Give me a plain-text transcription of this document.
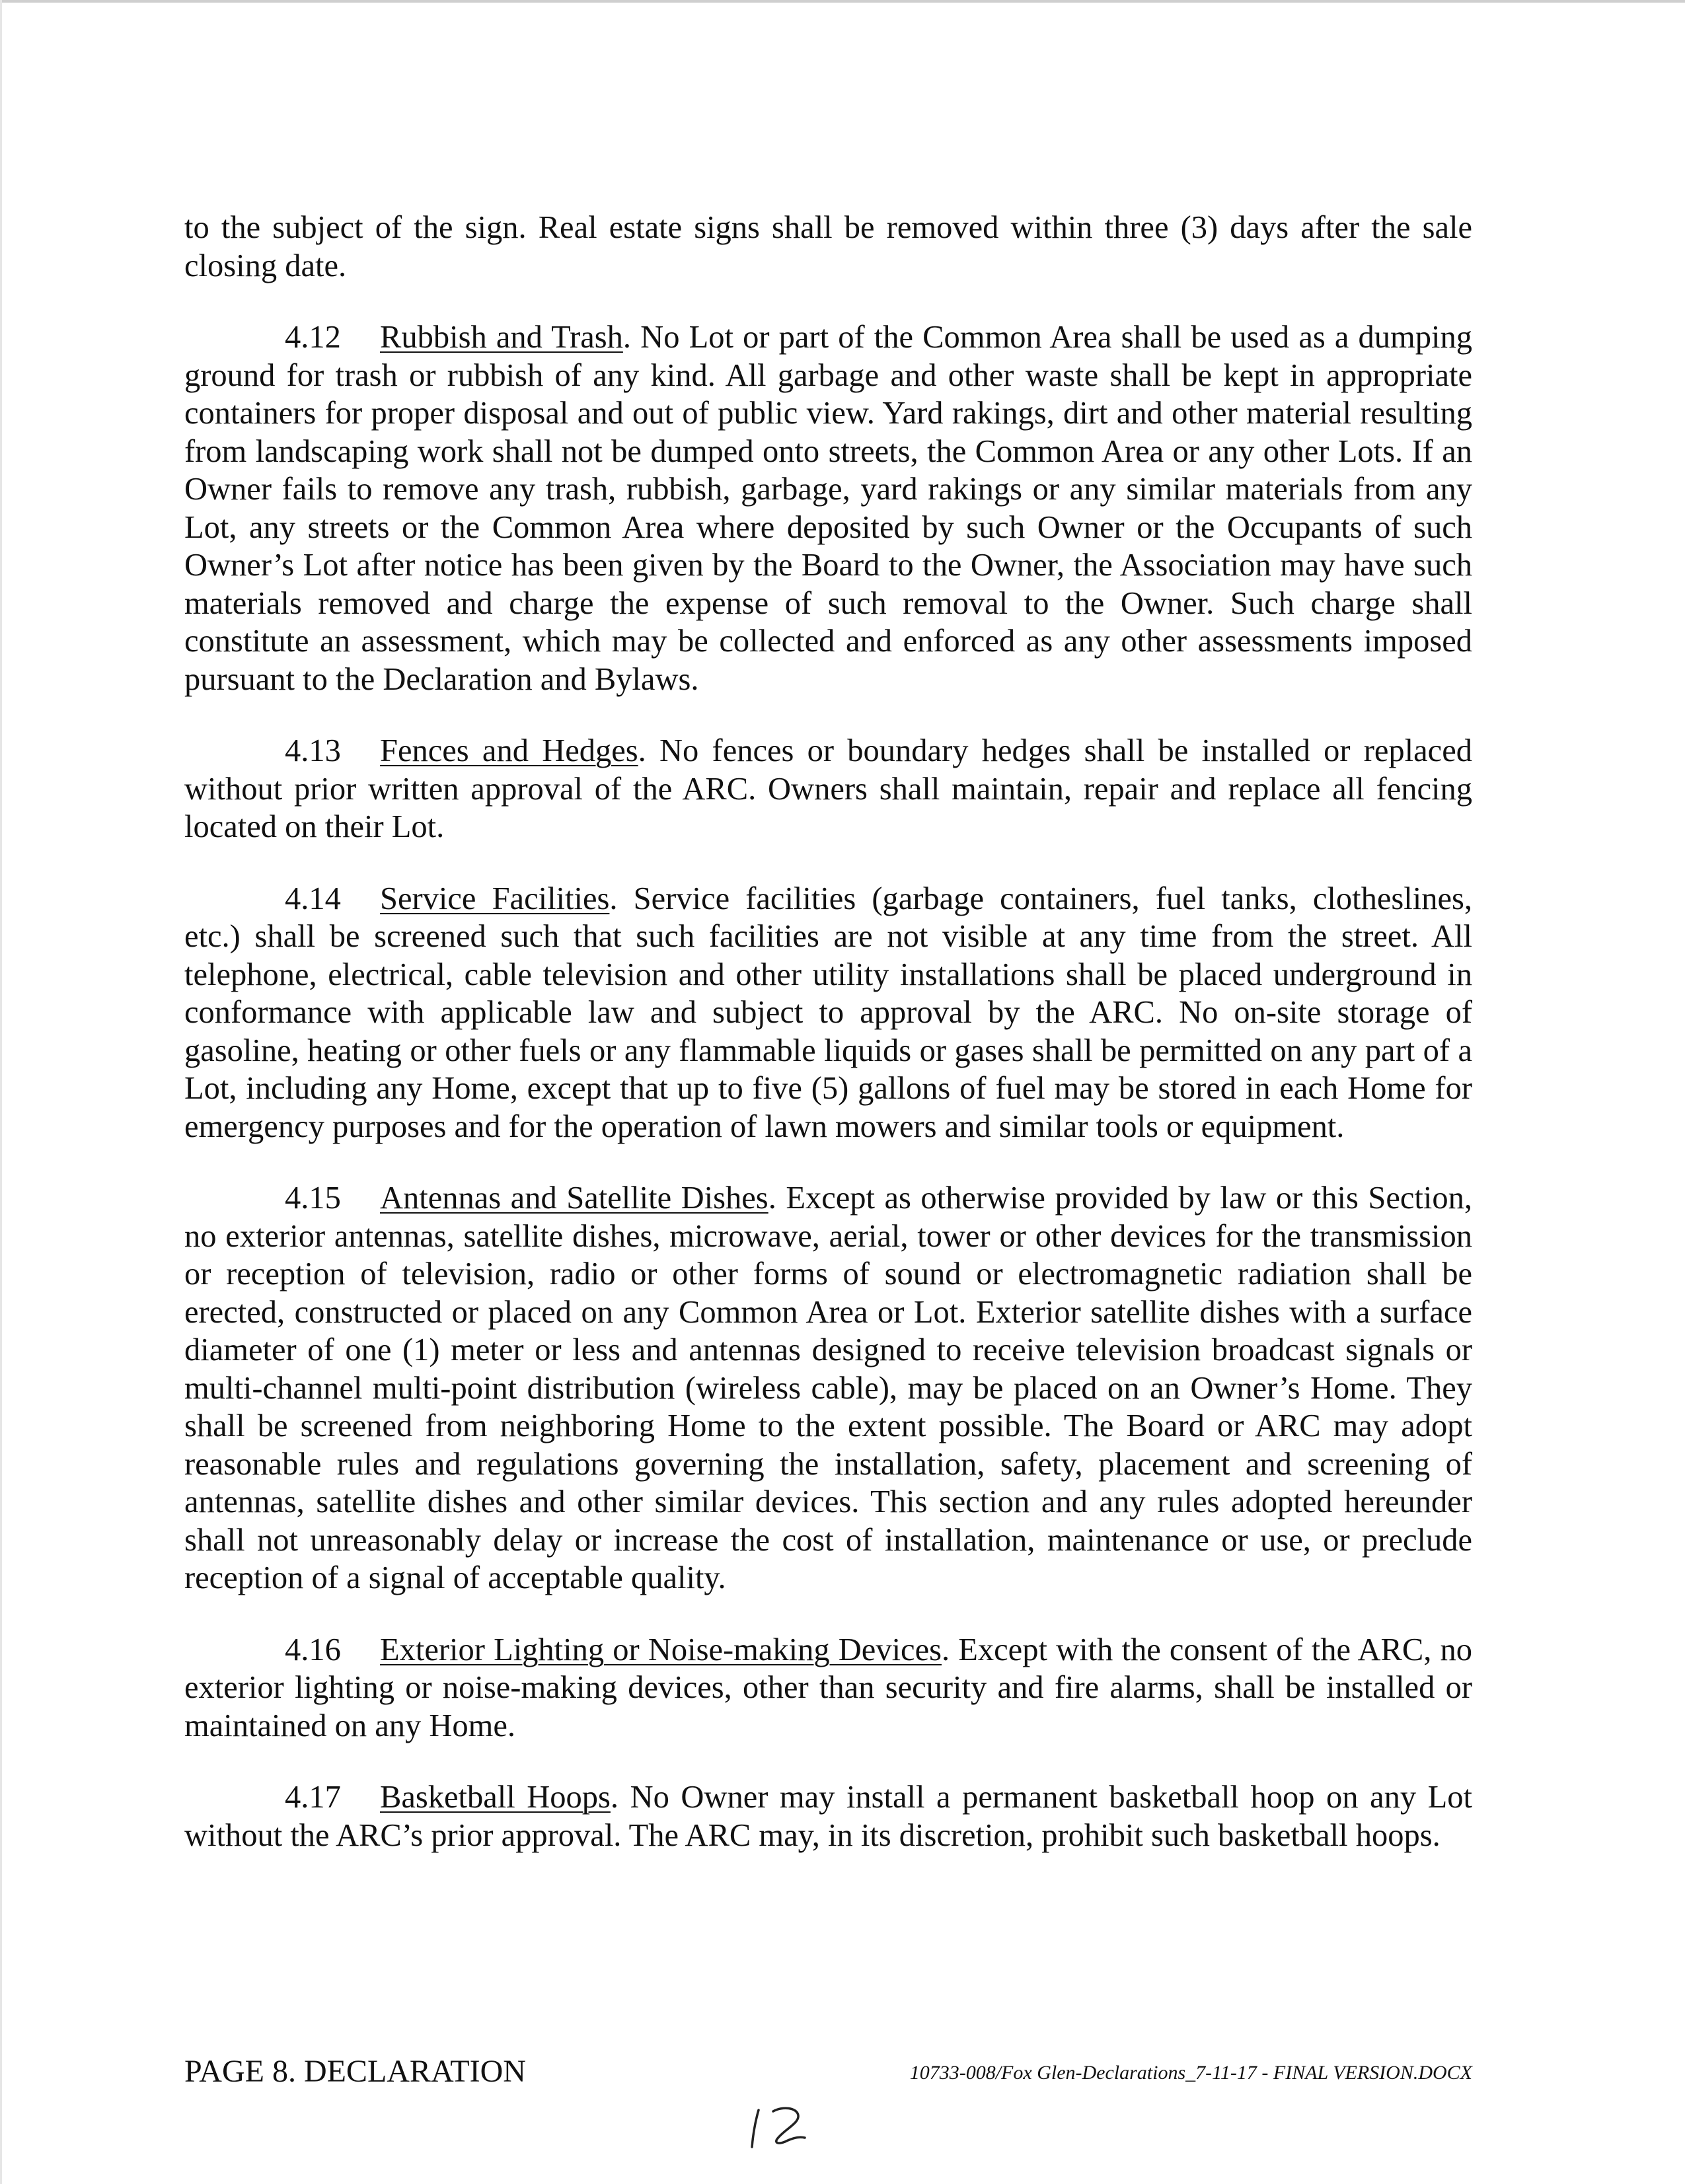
to the subject of the sign. Real estate signs shall be removed within three (3) days after the sale closing date.

4.12 Rubbish and Trash. No Lot or part of the Common Area shall be used as a dumping ground for trash or rubbish of any kind. All garbage and other waste shall be kept in appropriate containers for proper disposal and out of public view. Yard rakings, dirt and other material resulting from landscaping work shall not be dumped onto streets, the Common Area or any other Lots. If an Owner fails to remove any trash, rubbish, garbage, yard rakings or any similar materials from any Lot, any streets or the Common Area where deposited by such Owner or the Occupants of such Owner’s Lot after notice has been given by the Board to the Owner, the Association may have such materials removed and charge the expense of such removal to the Owner. Such charge shall constitute an assessment, which may be collected and enforced as any other assessments imposed pursuant to the Declaration and Bylaws.

4.13 Fences and Hedges. No fences or boundary hedges shall be installed or replaced without prior written approval of the ARC. Owners shall maintain, repair and replace all fencing located on their Lot.

4.14 Service Facilities. Service facilities (garbage containers, fuel tanks, clotheslines, etc.) shall be screened such that such facilities are not visible at any time from the street. All telephone, electrical, cable television and other utility installations shall be placed underground in conformance with applicable law and subject to approval by the ARC. No on-site storage of gasoline, heating or other fuels or any flammable liquids or gases shall be permitted on any part of a Lot, including any Home, except that up to five (5) gallons of fuel may be stored in each Home for emergency purposes and for the operation of lawn mowers and similar tools or equipment.

4.15 Antennas and Satellite Dishes. Except as otherwise provided by law or this Section, no exterior antennas, satellite dishes, microwave, aerial, tower or other devices for the transmission or reception of television, radio or other forms of sound or electromagnetic radiation shall be erected, constructed or placed on any Common Area or Lot. Exterior satellite dishes with a surface diameter of one (1) meter or less and antennas designed to receive television broadcast signals or multi-channel multi-point distribution (wireless cable), may be placed on an Owner’s Home. They shall be screened from neighboring Home to the extent possible. The Board or ARC may adopt reasonable rules and regulations governing the installation, safety, placement and screening of antennas, satellite dishes and other similar devices. This section and any rules adopted hereunder shall not unreasonably delay or increase the cost of installation, maintenance or use, or preclude reception of a signal of acceptable quality.

4.16 Exterior Lighting or Noise-making Devices. Except with the consent of the ARC, no exterior lighting or noise-making devices, other than security and fire alarms, shall be installed or maintained on any Home.

4.17 Basketball Hoops. No Owner may install a permanent basketball hoop on any Lot without the ARC’s prior approval. The ARC may, in its discretion, prohibit such basketball hoops.

PAGE 8. DECLARATION	10733-008/Fox Glen-Declarations_7-11-17 - FINAL VERSION.DOCX
